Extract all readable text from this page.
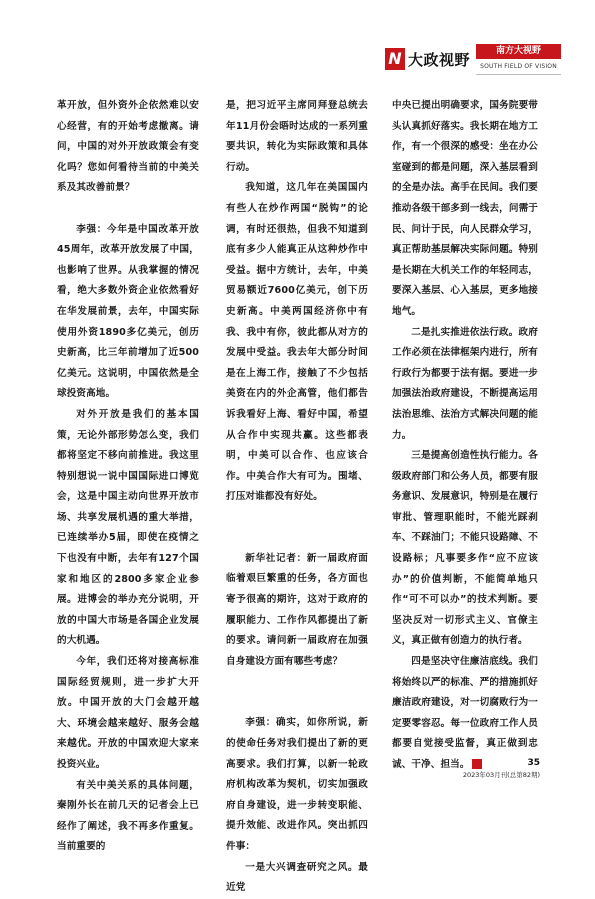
N 大政视野	南方大视野
SOUTH FIELD OF VISION

革开放，但外资外企依然难以安心经营，有的开始考虑撤离。请问，中国的对外开放政策会有变化吗？您如何看待当前的中美关系及其改善前景？

李强：今年是中国改革开放45周年，改革开放发展了中国，也影响了世界。从我掌握的情况看，绝大多数外资企业依然看好在华发展前景，去年，中国实际使用外资1890多亿美元，创历史新高，比三年前增加了近500亿美元。这说明，中国依然是全球投资高地。

对外开放是我们的基本国策，无论外部形势怎么变，我们都将坚定不移向前推进。我这里特别想说一说中国国际进口博览会，这是中国主动向世界开放市场、共享发展机遇的重大举措，已连续举办5届，即使在疫情之下也没有中断，去年有127个国家和地区的2800多家企业参展。进博会的举办充分说明，开放的中国大市场是各国企业发展的大机遇。

今年，我们还将对接高标准国际经贸规则，进一步扩大开放。中国开放的大门会越开越大、环境会越来越好、服务会越来越优。开放的中国欢迎大家来投资兴业。

有关中美关系的具体问题，秦刚外长在前几天的记者会上已经作了阐述，我不再多作重复。当前重要的

是，把习近平主席同拜登总统去年11月份会晤时达成的一系列重要共识，转化为实际政策和具体行动。

我知道，这几年在美国国内有些人在炒作两国“脱钩”的论调，有时还很热，但我不知道到底有多少人能真正从这种炒作中受益。据中方统计，去年，中美贸易额近7600亿美元，创下历史新高。中美两国经济你中有我、我中有你，彼此都从对方的发展中受益。我去年大部分时间是在上海工作，接触了不少包括美资在内的外企高管，他们都告诉我看好上海、看好中国，希望从合作中实现共赢。这些都表明，中美可以合作、也应该合作。中美合作大有可为。围堵、打压对谁都没有好处。

新华社记者：新一届政府面临着艰巨繁重的任务，各方面也寄予很高的期许，这对于政府的履职能力、工作作风都提出了新的要求。请问新一届政府在加强自身建设方面有哪些考虑？

李强：确实，如你所说，新的使命任务对我们提出了新的更高要求。我们打算，以新一轮政府机构改革为契机，切实加强政府自身建设，进一步转变职能、提升效能、改进作风。突出抓四件事：

一是大兴调查研究之风。最近党

中央已提出明确要求，国务院要带头认真抓好落实。我长期在地方工作，有一个很深的感受：坐在办公室碰到的都是问题，深入基层看到的全是办法。高手在民间。我们要推动各级干部多到一线去，问需于民、问计于民，向人民群众学习，真正帮助基层解决实际问题。特别是长期在大机关工作的年轻同志，要深入基层、心入基层，更多地接地气。

二是扎实推进依法行政。政府工作必须在法律框架内进行，所有行政行为都要于法有据。要进一步加强法治政府建设，不断提高运用法治思维、法治方式解决问题的能力。

三是提高创造性执行能力。各级政府部门和公务人员，都要有服务意识、发展意识，特别是在履行审批、管理职能时，不能光踩刹车、不踩油门；不能只设路障、不设路标；凡事要多作“应不应该办”的价值判断，不能简单地只作“可不可以办”的技术判断。要坚决反对一切形式主义、官僚主义，真正做有创造力的执行者。

四是坚决守住廉洁底线。我们将始终以严的标准、严的措施抓好廉洁政府建设，对一切腐败行为一定要零容忍。每一位政府工作人员都要自觉接受监督，真正做到忠诚、干净、担当。	N	35
2023年03月刊(总第82期)
